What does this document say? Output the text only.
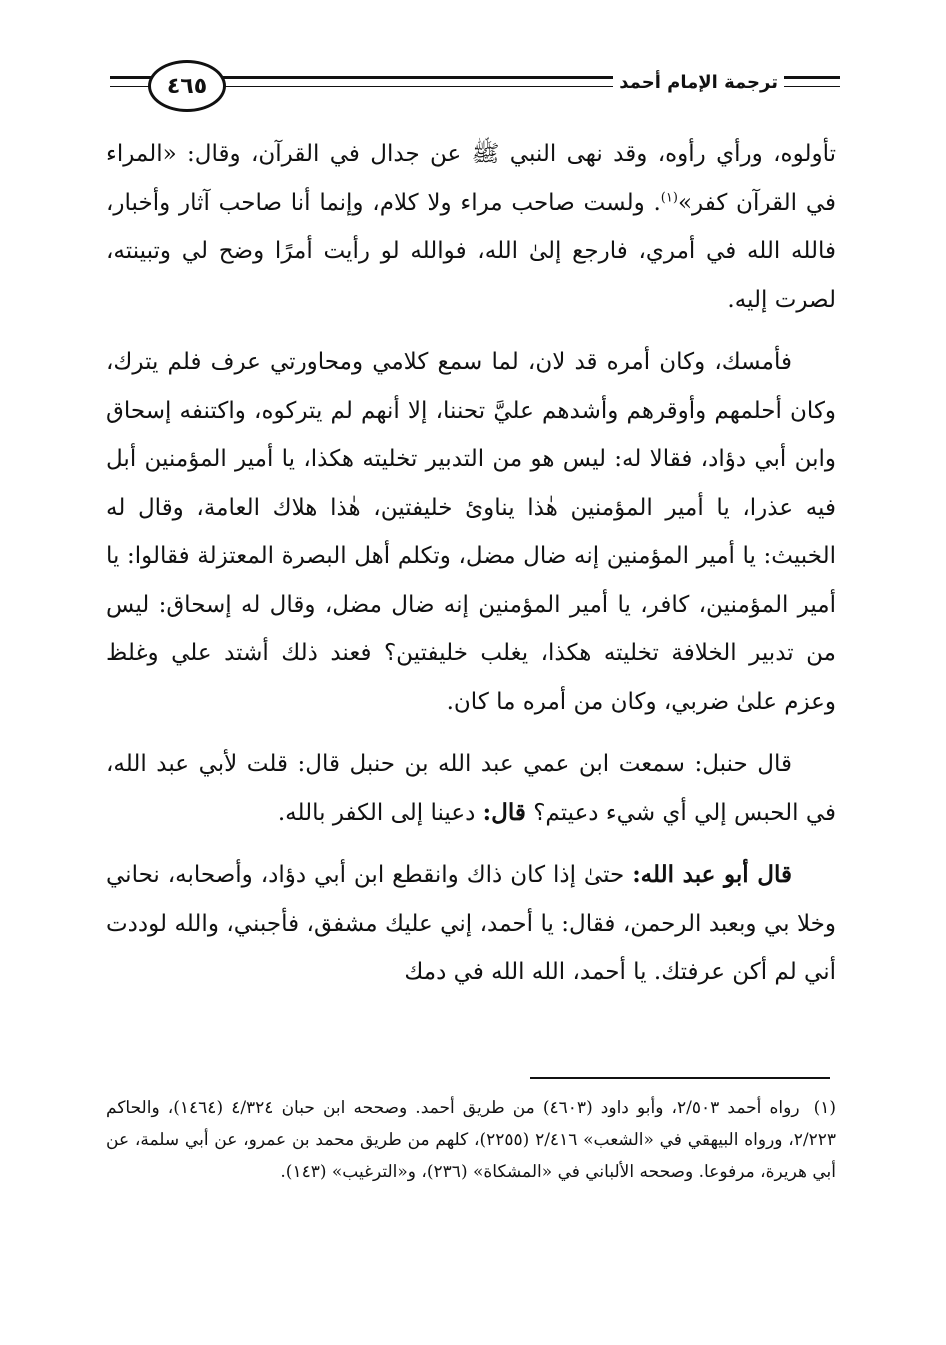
٤٦٥	ترجمة الإمام أحمد

تأولوه، ورأي رأوه، وقد نهى النبي ﷺ عن جدال في القرآن، وقال: «المراء في القرآن كفر»$^{(١)}$. ولست صاحب مراء ولا كلام، وإنما أنا صاحب آثار وأخبار، فالله الله في أمري، فارجع إلىٰ الله، فوالله لو رأيت أمرًا وضح لي وتبينته، لصرت إليه.

فأمسك، وكان أمره قد لان، لما سمع كلامي ومحاورتي عرف فلم يترك، وكان أحلمهم وأوقرهم وأشدهم عليَّ تحننا، إلا أنهم لم يتركوه، واكتنفه إسحاق وابن أبي دؤاد، فقالا له: ليس هو من التدبير تخليته هكذا، يا أمير المؤمنين أبل فيه عذرا، يا أمير المؤمنين هٰذا يناوئ خليفتين، هٰذا هلاك العامة، وقال له الخبيث: يا أمير المؤمنين إنه ضال مضل، وتكلم أهل البصرة المعتزلة فقالوا: يا أمير المؤمنين، كافر، يا أمير المؤمنين إنه ضال مضل، وقال له إسحاق: ليس من تدبير الخلافة تخليته هكذا، يغلب خليفتين؟ فعند ذلك أشتد علي وغلظ وعزم علىٰ ضربي، وكان من أمره ما كان.

قال حنبل: سمعت ابن عمي عبد الله بن حنبل قال: قلت لأبي عبد الله، في الحبس إلي أي شيء دعيتم؟ قال: دعينا إلى الكفر بالله.

قال أبو عبد الله: حتىٰ إذا كان ذاك وانقطع ابن أبي دؤاد، وأصحابه، نحاني وخلا بي وبعبد الرحمن، فقال: يا أحمد، إني عليك مشفق، فأجبني، والله لوددت أني لم أكن عرفتك. يا أحمد، الله الله في دمك

(١)رواه أحمد ٢/٥٠٣، وأبو داود (٤٦٠٣) من طريق أحمد. وصححه ابن حبان ٤/٣٢٤ (١٤٦٤)، والحاكم ٢/٢٢٣، ورواه البيهقي في «الشعب» ٢/٤١٦ (٢٢٥٥)، كلهم من طريق محمد بن عمرو، عن أبي سلمة، عن أبي هريرة، مرفوعا. وصححه الألباني في «المشكاة» (٢٣٦)، و«الترغيب» (١٤٣).
